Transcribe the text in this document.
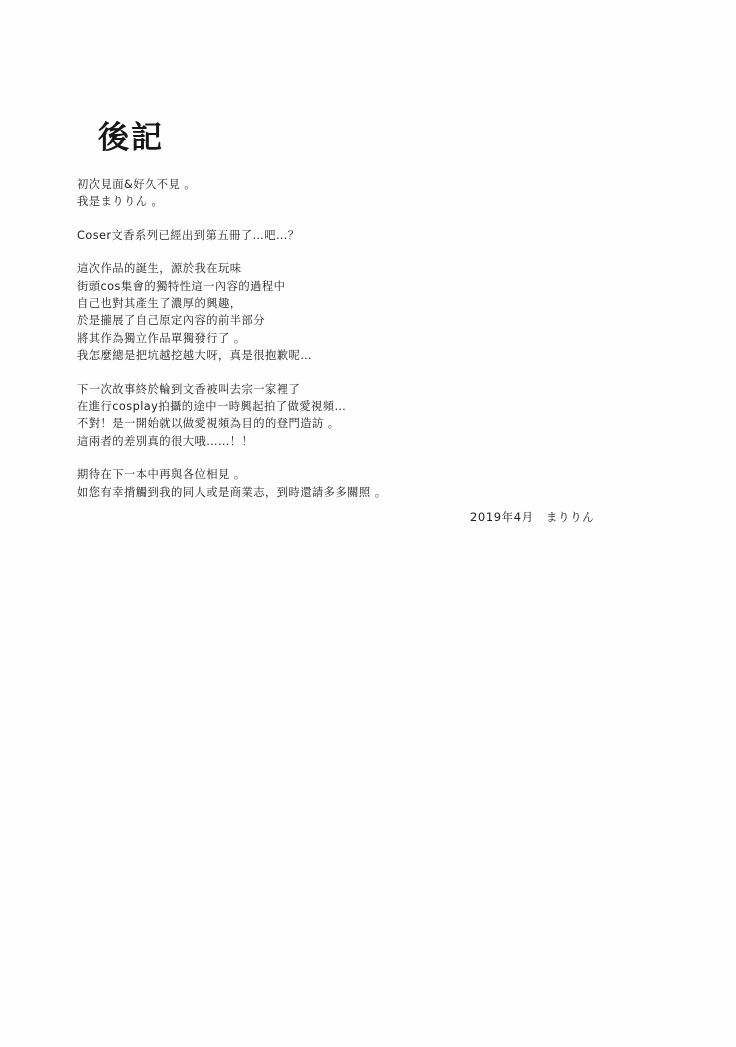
後記
初次見面&好久不見 。
我是まりりん 。
Coser文香系列已經出到第五冊了…吧…？
這次作品的誕生，源於我在玩味
街頭cos集會的獨特性這一內容的過程中
自己也對其產生了濃厚的興趣，
於是攏展了自己原定內容的前半部分
將其作為獨立作品單獨發行了 。
我怎麼總是把坑越挖越大呀，真是很抱歉呢…
下一次故事終於輪到文香被叫去宗一家裡了
在進行cosplay拍攝的途中一時興起拍了做愛視頻…
不對！是一開始就以做愛視頻為目的的登門造訪 。
這兩者的差別真的很大哦……！！
期待在下一本中再與各位相見 。
如您有幸揹觸到我的同人或是商業志，到時還請多多關照 。
2019年4月　まりりん
